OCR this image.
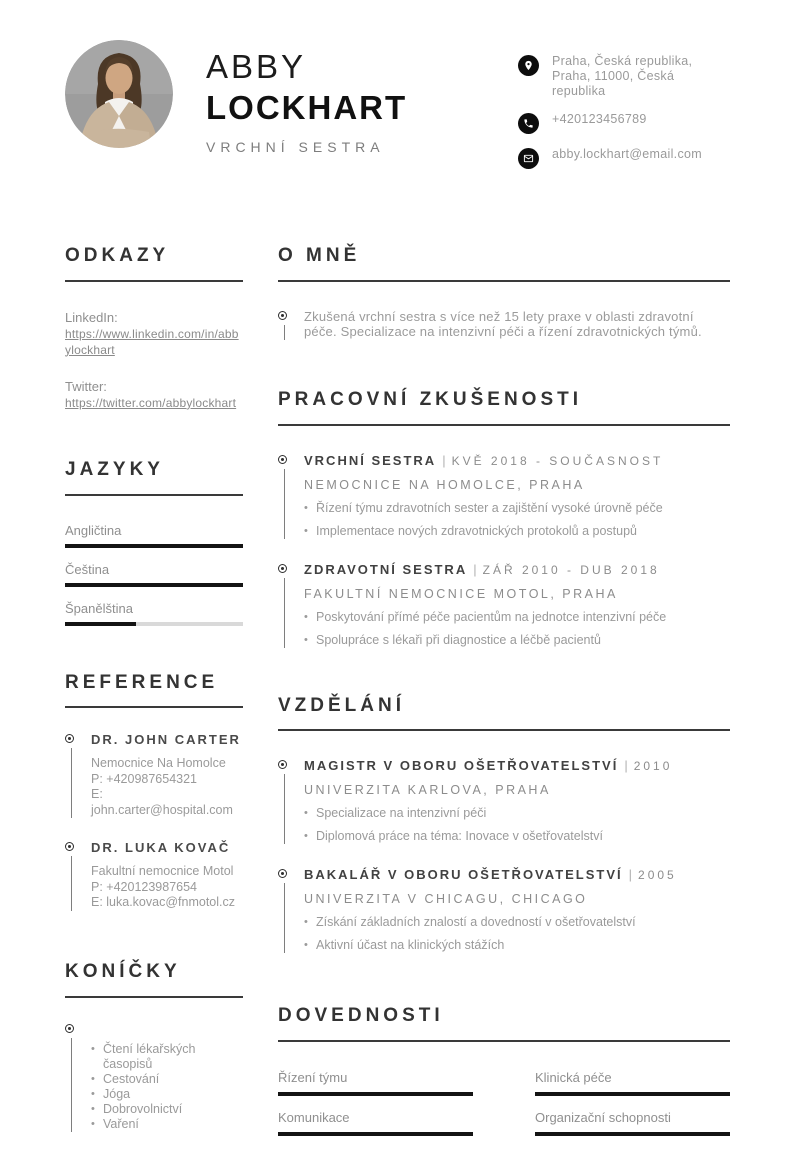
ABBY
LOCKHART
VRCHNÍ SESTRA
Praha, Česká republika, Praha, 11000, Česká republika
+420123456789
abby.lockhart@email.com
ODKAZY
LinkedIn:
https://www.linkedin.com/in/abbylockhart
Twitter:
https://twitter.com/abbylockhart
JAZYKY
Angličtina
Čeština
Španělština
REFERENCE
DR. JOHN CARTER
Nemocnice Na Homolce
P: +420987654321
E: john.carter@hospital.com
DR. LUKA KOVAČ
Fakultní nemocnice Motol
P: +420123987654
E: luka.kovac@fnmotol.cz
KONÍČKY
• Čtení lékařských časopisů
• Cestování
• Jóga
• Dobrovolnictví
• Vaření
O MNĚ

Zkušená vrchní sestra s více než 15 lety praxe v oblasti zdravotní péče. Specializace na intenzivní péči a řízení zdravotnických týmů.

PRACOVNÍ ZKUŠENOSTI
VRCHNÍ SESTRA | KVĚ 2018 - SOUČASNOST
NEMOCNICE NA HOMOLCE, PRAHA
• Řízení týmu zdravotních sester a zajištění vysoké úrovně péče
• Implementace nových zdravotnických protokolů a postupů
ZDRAVOTNÍ SESTRA | ZÁŘ 2010 - DUB 2018
FAKULTNÍ NEMOCNICE MOTOL, PRAHA
• Poskytování přímé péče pacientům na jednotce intenzivní péče
• Spolupráce s lékaři při diagnostice a léčbě pacientů
VZDĚLÁNÍ
MAGISTR V OBORU OŠETŘOVATELSTVÍ | 2010
UNIVERZITA KARLOVA, PRAHA
• Specializace na intenzivní péči
• Diplomová práce na téma: Inovace v ošetřovatelství
BAKALÁŘ V OBORU OŠETŘOVATELSTVÍ | 2005
UNIVERZITA V CHICAGU, CHICAGO
• Získání základních znalostí a dovedností v ošetřovatelství
• Aktivní účast na klinických stážích
DOVEDNOSTI
Řízení týmu	Klinická péče
Komunikace	Organizační schopnosti
